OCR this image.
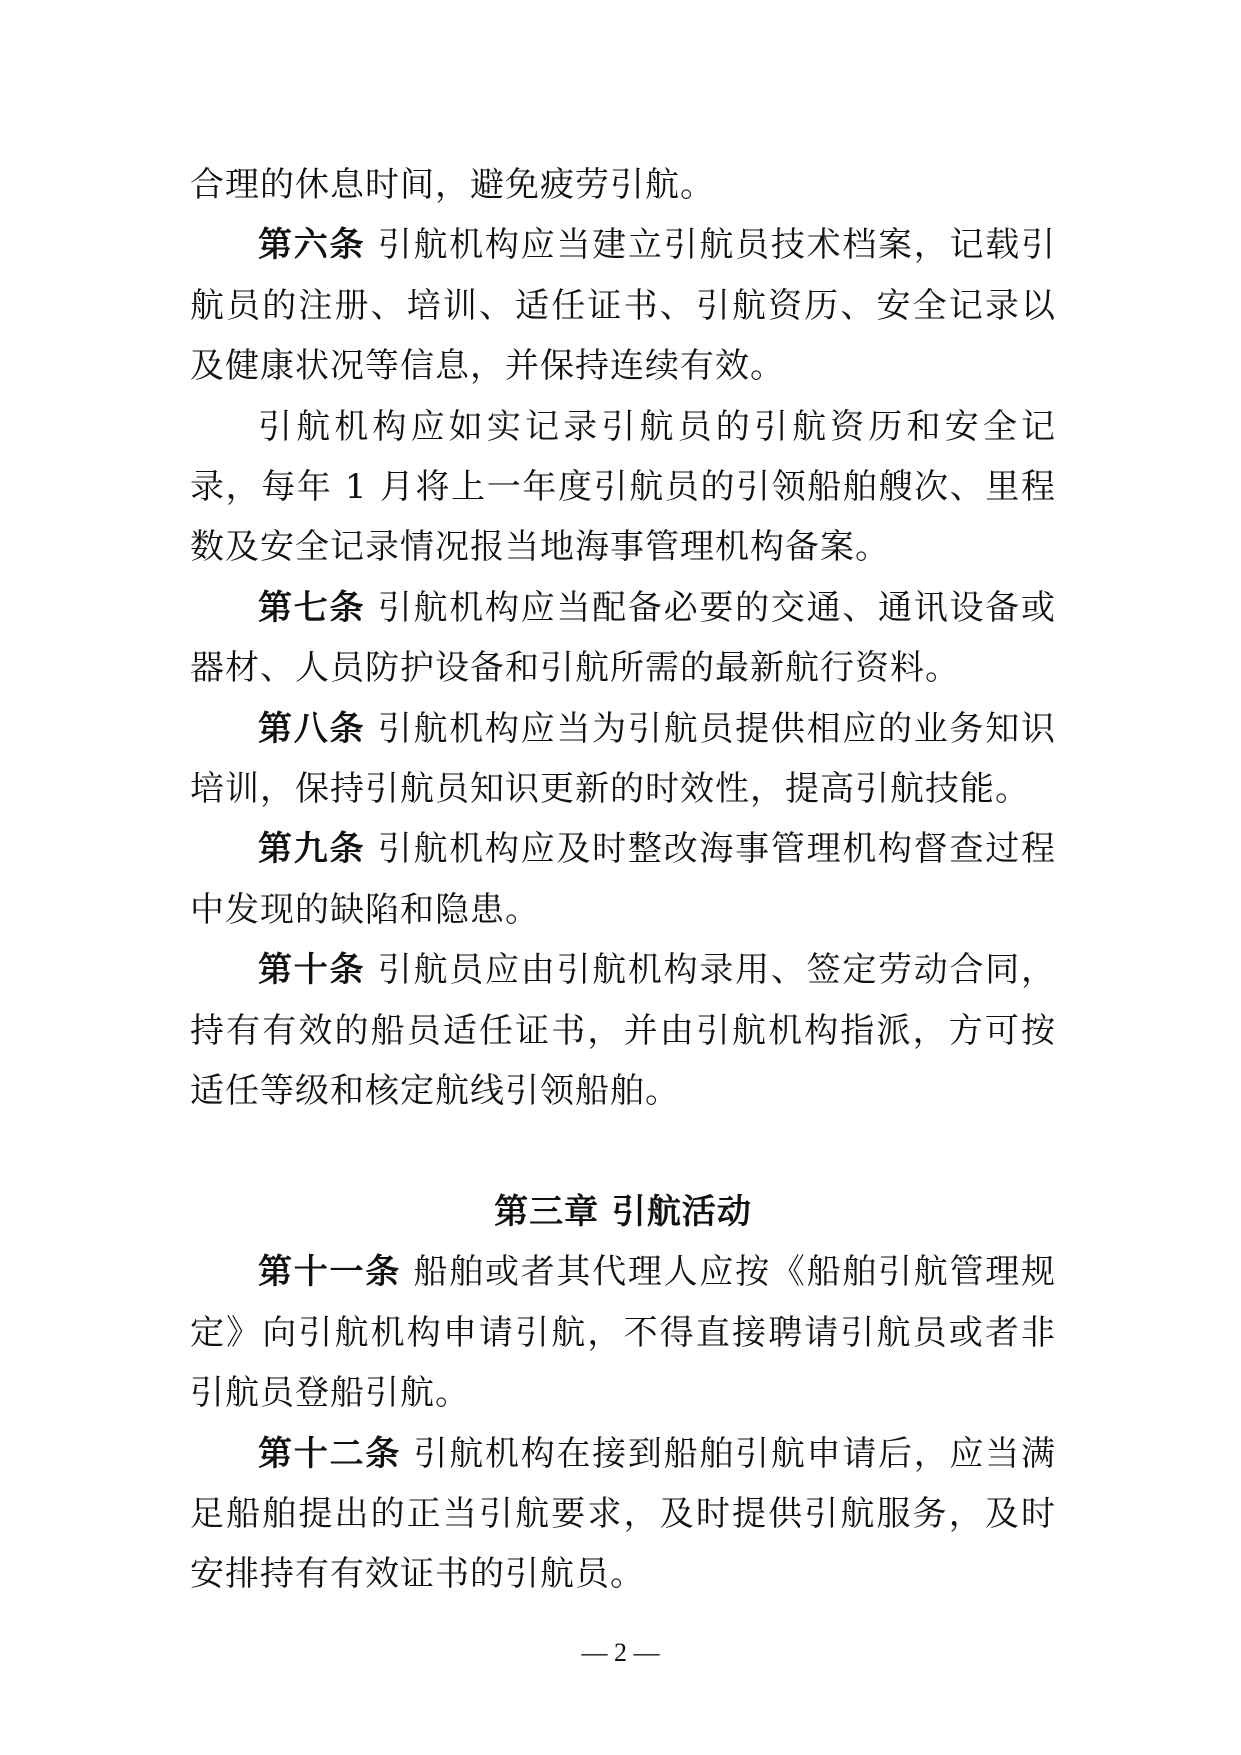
合理的休息时间，避免疲劳引航。

第六条 引航机构应当建立引航员技术档案，记载引航员的注册、培训、适任证书、引航资历、安全记录以及健康状况等信息，并保持连续有效。

引航机构应如实记录引航员的引航资历和安全记录，每年 1 月将上一年度引航员的引领船舶艘次、里程数及安全记录情况报当地海事管理机构备案。

第七条 引航机构应当配备必要的交通、通讯设备或器材、人员防护设备和引航所需的最新航行资料。

第八条 引航机构应当为引航员提供相应的业务知识培训，保持引航员知识更新的时效性，提高引航技能。

第九条 引航机构应及时整改海事管理机构督查过程中发现的缺陷和隐患。

第十条 引航员应由引航机构录用、签定劳动合同，持有有效的船员适任证书，并由引航机构指派，方可按适任等级和核定航线引领船舶。

第三章 引航活动

第十一条 船舶或者其代理人应按《船舶引航管理规定》向引航机构申请引航，不得直接聘请引航员或者非引航员登船引航。

第十二条 引航机构在接到船舶引航申请后，应当满足船舶提出的正当引航要求，及时提供引航服务，及时安排持有有效证书的引航员。

— 2 —
